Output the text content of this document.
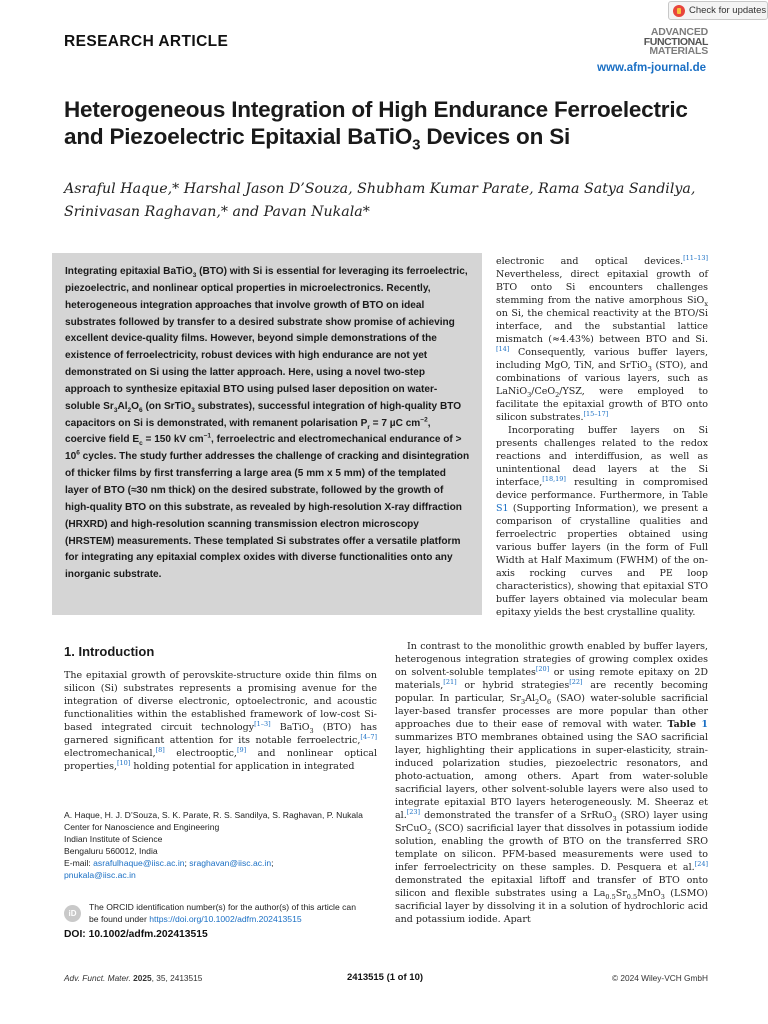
Check for updates
RESEARCH ARTICLE
ADVANCED
FUNCTIONAL
MATERIALS
www.afm-journal.de
Heterogeneous Integration of High Endurance Ferroelectric and Piezoelectric Epitaxial BaTiO$_3$ Devices on Si
Asraful Haque,* Harshal Jason D’Souza, Shubham Kumar Parate, Rama Satya Sandilya,
Srinivasan Raghavan,* and Pavan Nukala*
Integrating epitaxial BaTiO$_3$ (BTO) with Si is essential for leveraging its ferroelectric, piezoelectric, and nonlinear optical properties in microelectronics. Recently, heterogeneous integration approaches that involve growth of BTO on ideal substrates followed by transfer to a desired substrate show promise of achieving excellent device-quality films. However, beyond simple demonstrations of the existence of ferroelectricity, robust devices with high endurance are not yet demonstrated on Si using the latter approach. Here, using a novel two-step approach to synthesize epitaxial BTO using pulsed laser deposition on water-soluble $Sr_3Al_2O_6$ (on SrTiO$_3$ substrates), successful integration of high-quality BTO capacitors on Si is demonstrated, with remanent polarisation $P_r = 7$ µC $cm^{-2}$, coercive field $E_c = 150$ kV $cm^{-1}$, ferroelectric and electromechanical endurance of > $10^6$ cycles. The study further addresses the challenge of cracking and disintegration of thicker films by first transferring a large area (5 mm x 5 mm) of the templated layer of BTO (≈30 nm thick) on the desired substrate, followed by the growth of high-quality BTO on this substrate, as revealed by high-resolution X-ray diffraction (HRXRD) and high-resolution scanning transmission electron microscopy (HRSTEM) measurements. These templated Si substrates offer a versatile platform for integrating any epitaxial complex oxides with diverse functionalities onto any inorganic substrate.

electronic and optical devices.[11–13] Nevertheless, direct epitaxial growth of BTO onto Si encounters challenges stemming from the native amorphous SiO$_x$ on Si, the chemical reactivity at the BTO/Si interface, and the substantial lattice mismatch (≈4.43%) between BTO and Si.[14] Consequently, various buffer layers, including MgO, TiN, and SrTiO$_3$ (STO), and combinations of various layers, such as LaNiO$_3$/CeO$_2$/YSZ, were employed to facilitate the epitaxial growth of BTO onto silicon substrates.[15–17]

Incorporating buffer layers on Si presents challenges related to the redox reactions and interdiffusion, as well as unintentional dead layers at the Si interface,[18,19] resulting in compromised device performance. Furthermore, in Table S1 (Supporting Information), we present a comparison of crystalline qualities and ferroelectric properties obtained using various buffer layers (in the form of Full Width at Half Maximum (FWHM) of the on-axis rocking curves and PE loop characteristics), showing that epitaxial STO buffer layers obtained via molecular beam epitaxy yields the best crystalline quality.

In contrast to the monolithic growth enabled by buffer layers, heterogenous integration strategies of growing complex oxides on solvent-soluble templates[20] or using remote epitaxy on 2D materials,[21] or hybrid strategies[22] are recently becoming popular. In particular, $Sr_3Al_2O_6$ (SAO) water-soluble sacrificial layer-based transfer processes are more popular than other approaches due to their ease of removal with water. Table 1 summarizes BTO membranes obtained using the SAO sacrificial layer, highlighting their applications in super-elasticity, strain-induced polarization studies, piezoelectric resonators, and photo-actuation, among others. Apart from water-soluble sacrificial layers, other solvent-soluble layers were also used to integrate epitaxial BTO layers heterogeneously. M. Sheeraz et al.[23] demonstrated the transfer of a SrRuO$_3$ (SRO) layer using SrCuO$_2$ (SCO) sacrificial layer that dissolves in potassium iodide solution, enabling the growth of BTO on the transferred SRO template on silicon. PFM-based measurements were used to infer ferroelectricity on these samples. D. Pesquera et al.[24] demonstrated the epitaxial liftoff and transfer of BTO onto silicon and flexible substrates using a $La_{0.5}Sr_{0.5}MnO_3$ (LSMO) sacrificial layer by dissolving it in a solution of hydrochloric acid and potassium iodide. Apart

1. Introduction

The epitaxial growth of perovskite-structure oxide thin films on silicon (Si) substrates represents a promising avenue for the integration of diverse electronic, optoelectronic, and acoustic functionalities within the established framework of low-cost Si-based integrated circuit technology[1–3] BaTiO$_3$ (BTO) has garnered significant attention for its notable ferroelectric,[4–7] electromechanical,[8] electrooptic,[9] and nonlinear optical properties,[10] holding potential for application in integrated

A. Haque, H. J. D’Souza, S. K. Parate, R. S. Sandilya, S. Raghavan, P. Nukala
Center for Nanoscience and Engineering
Indian Institute of Science
Bengaluru 560012, India
E-mail: asrafulhaque@iisc.ac.in; sraghavan@iisc.ac.in;
pnukala@iisc.ac.in
iD
The ORCID identification number(s) for the author(s) of this article can be found under https://doi.org/10.1002/adfm.202413515
DOI: 10.1002/adfm.202413515
Adv. Funct. Mater. 2025, 35, 2413515	2413515 (1 of 10)	© 2024 Wiley-VCH GmbH
